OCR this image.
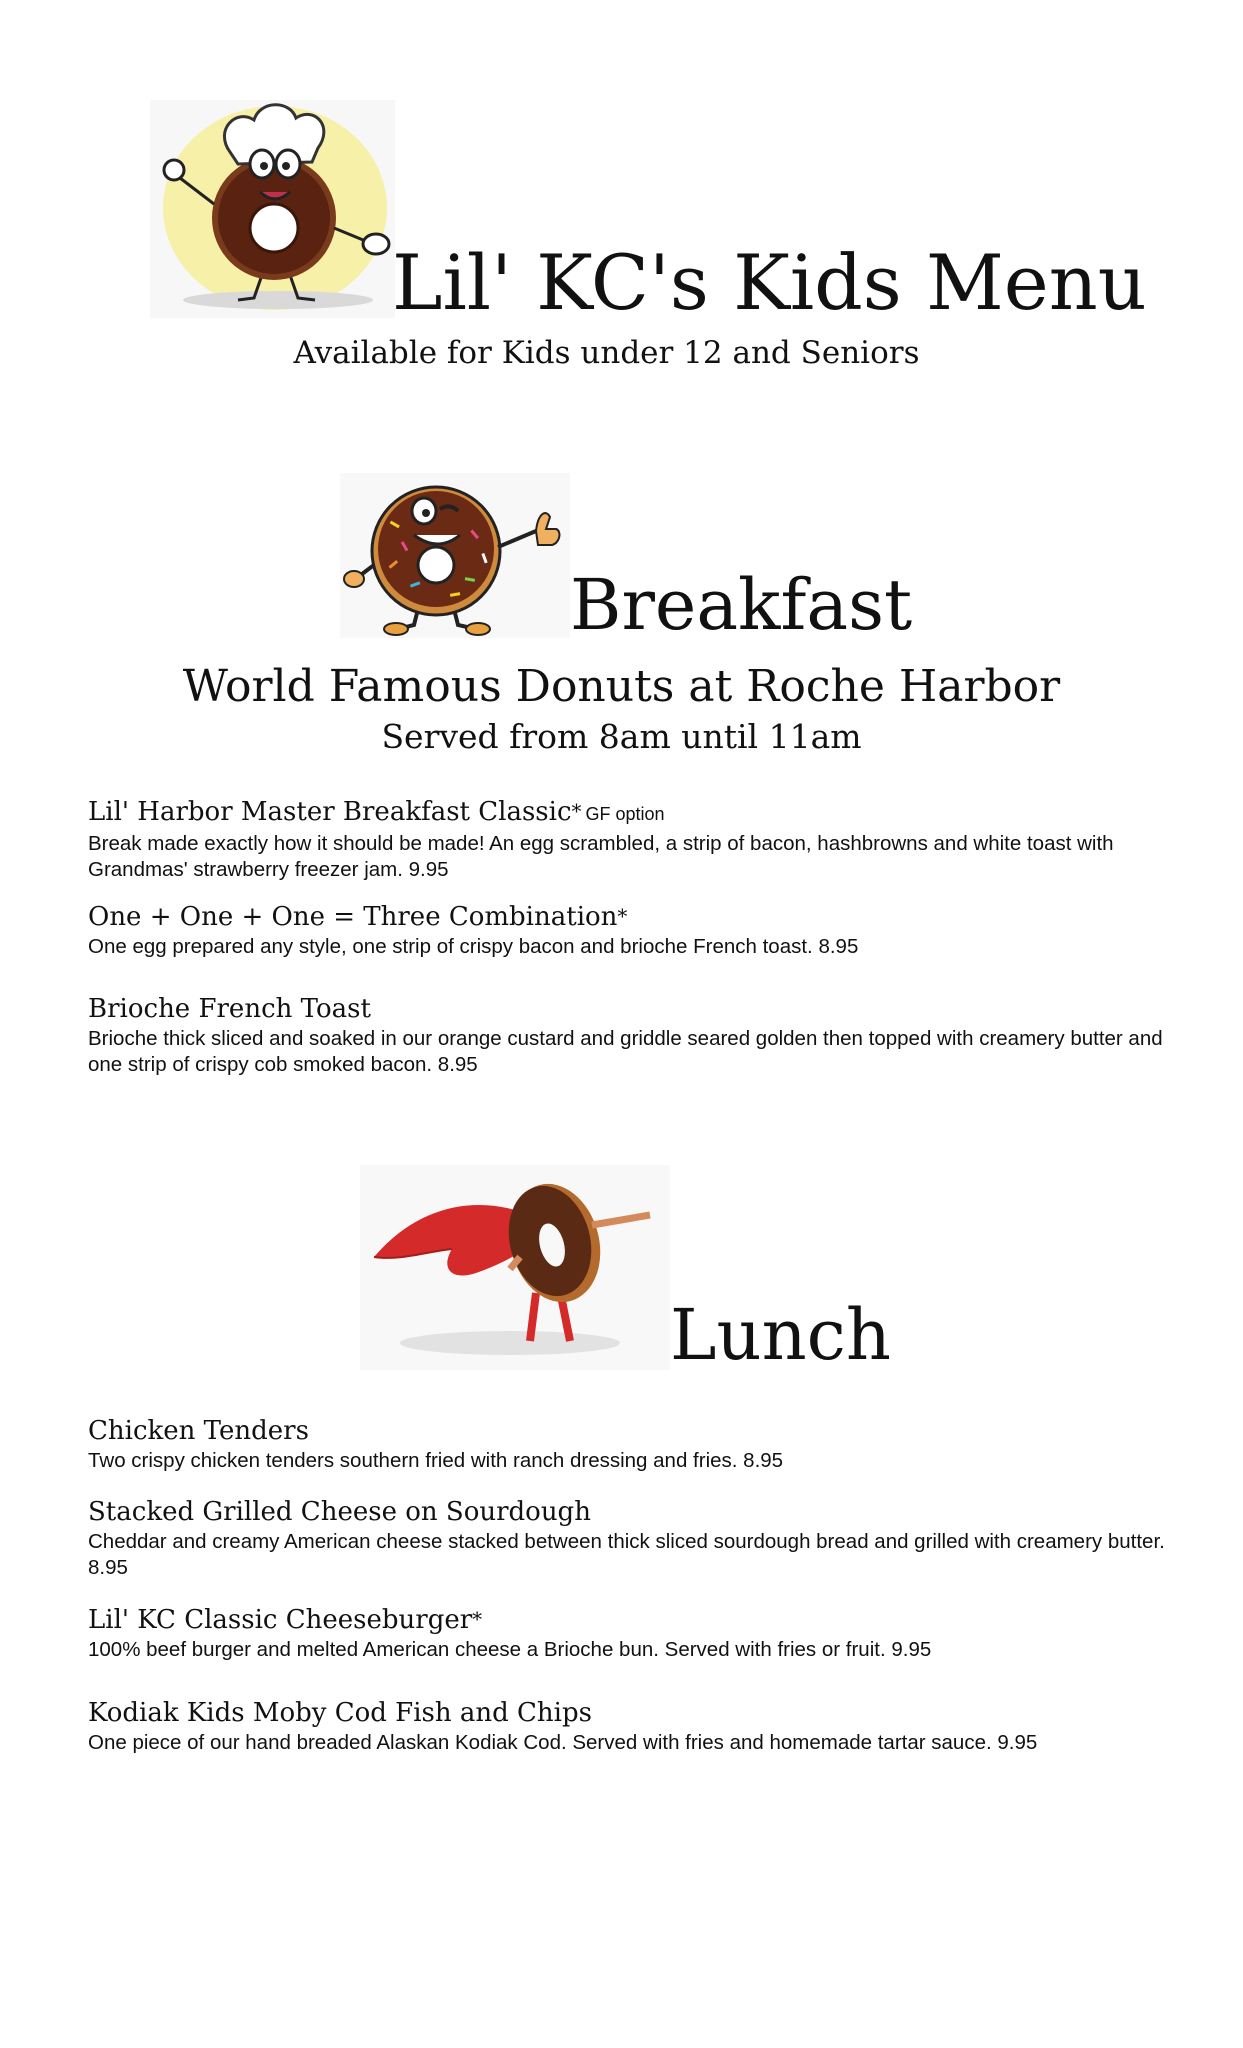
Lil' KC's Kids Menu
Available for Kids under 12 and Seniors
Breakfast
World Famous Donuts at Roche Harbor
Served from 8am until 11am
Lil' Harbor Master Breakfast Classic* GF option
Break made exactly how it should be made! An egg scrambled, a strip of bacon, hashbrowns and white toast with Grandmas' strawberry freezer jam. 9.95
One + One + One = Three Combination*
One egg prepared any style, one strip of crispy bacon and brioche French toast. 8.95
Brioche French Toast
Brioche thick sliced and soaked in our orange custard and griddle seared golden then topped with creamery butter and one strip of crispy cob smoked bacon. 8.95
Lunch
Chicken Tenders
Two crispy chicken tenders southern fried with ranch dressing and fries. 8.95
Stacked Grilled Cheese on Sourdough
Cheddar and creamy American cheese stacked between thick sliced sourdough bread and grilled with creamery butter. 8.95
Lil' KC Classic Cheeseburger*
100% beef burger and melted American cheese a Brioche bun. Served with fries or fruit. 9.95
Kodiak Kids Moby Cod Fish and Chips
One piece of our hand breaded Alaskan Kodiak Cod. Served with fries and homemade tartar sauce. 9.95
